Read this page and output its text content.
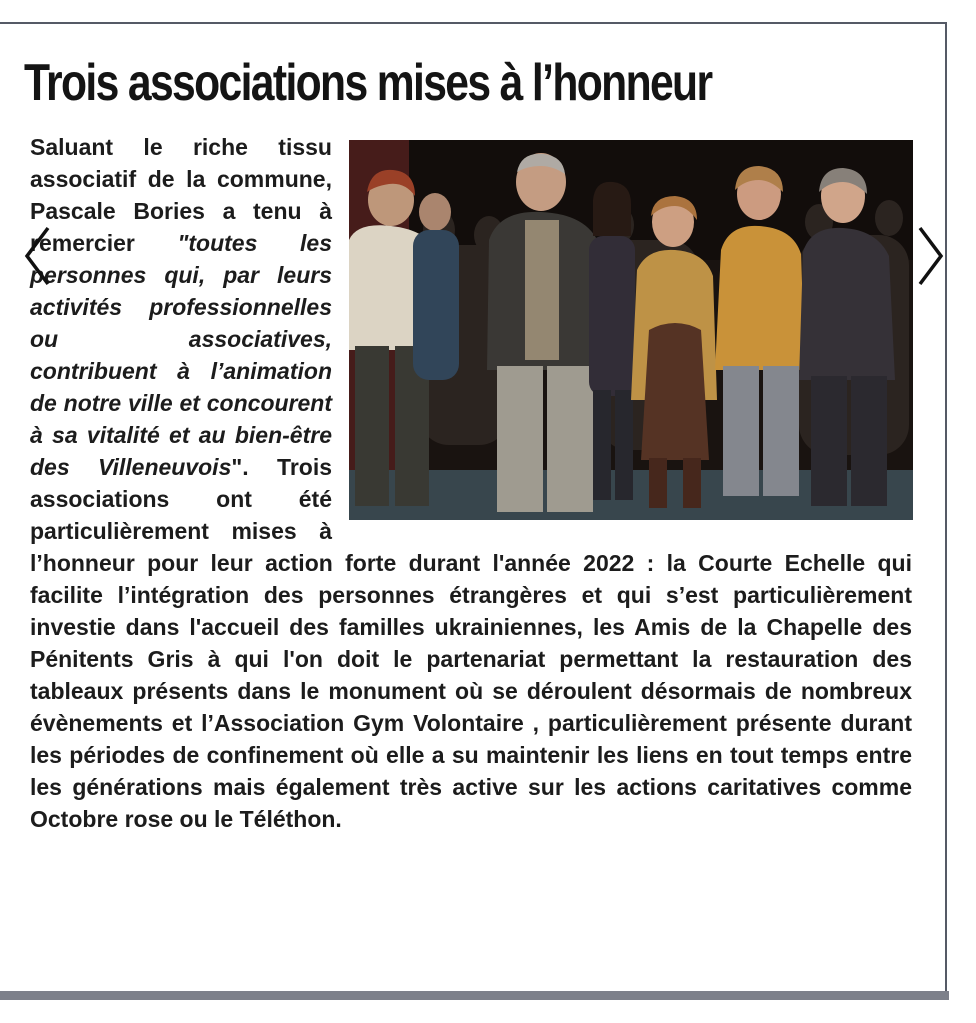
Trois associations mises à l’honneur

Saluant le riche tissu associatif de la commune, Pascale Bories a tenu à remercier "toutes les personnes qui, par leurs activités professionnelles ou associatives, contribuent à l’animation de notre ville et concourent à sa vitalité et au bien-être des Villeneuvois". Trois associations ont été particulièrement mises à l’honneur pour leur action forte durant l'année 2022 : la Courte Echelle qui facilite l’intégration des personnes étrangères et qui s’est particulièrement investie dans l'accueil des familles ukrainiennes, les Amis de la Chapelle des Pénitents Gris à qui l'on doit le partenariat permettant la restauration des tableaux présents dans le monument où se déroulent désormais de nombreux évènements et l’Association Gym Volontaire , particulièrement présente durant les périodes de confinement où elle a su maintenir les liens en tout temps entre les générations mais également très active sur les actions caritatives comme Octobre rose ou le Téléthon.
